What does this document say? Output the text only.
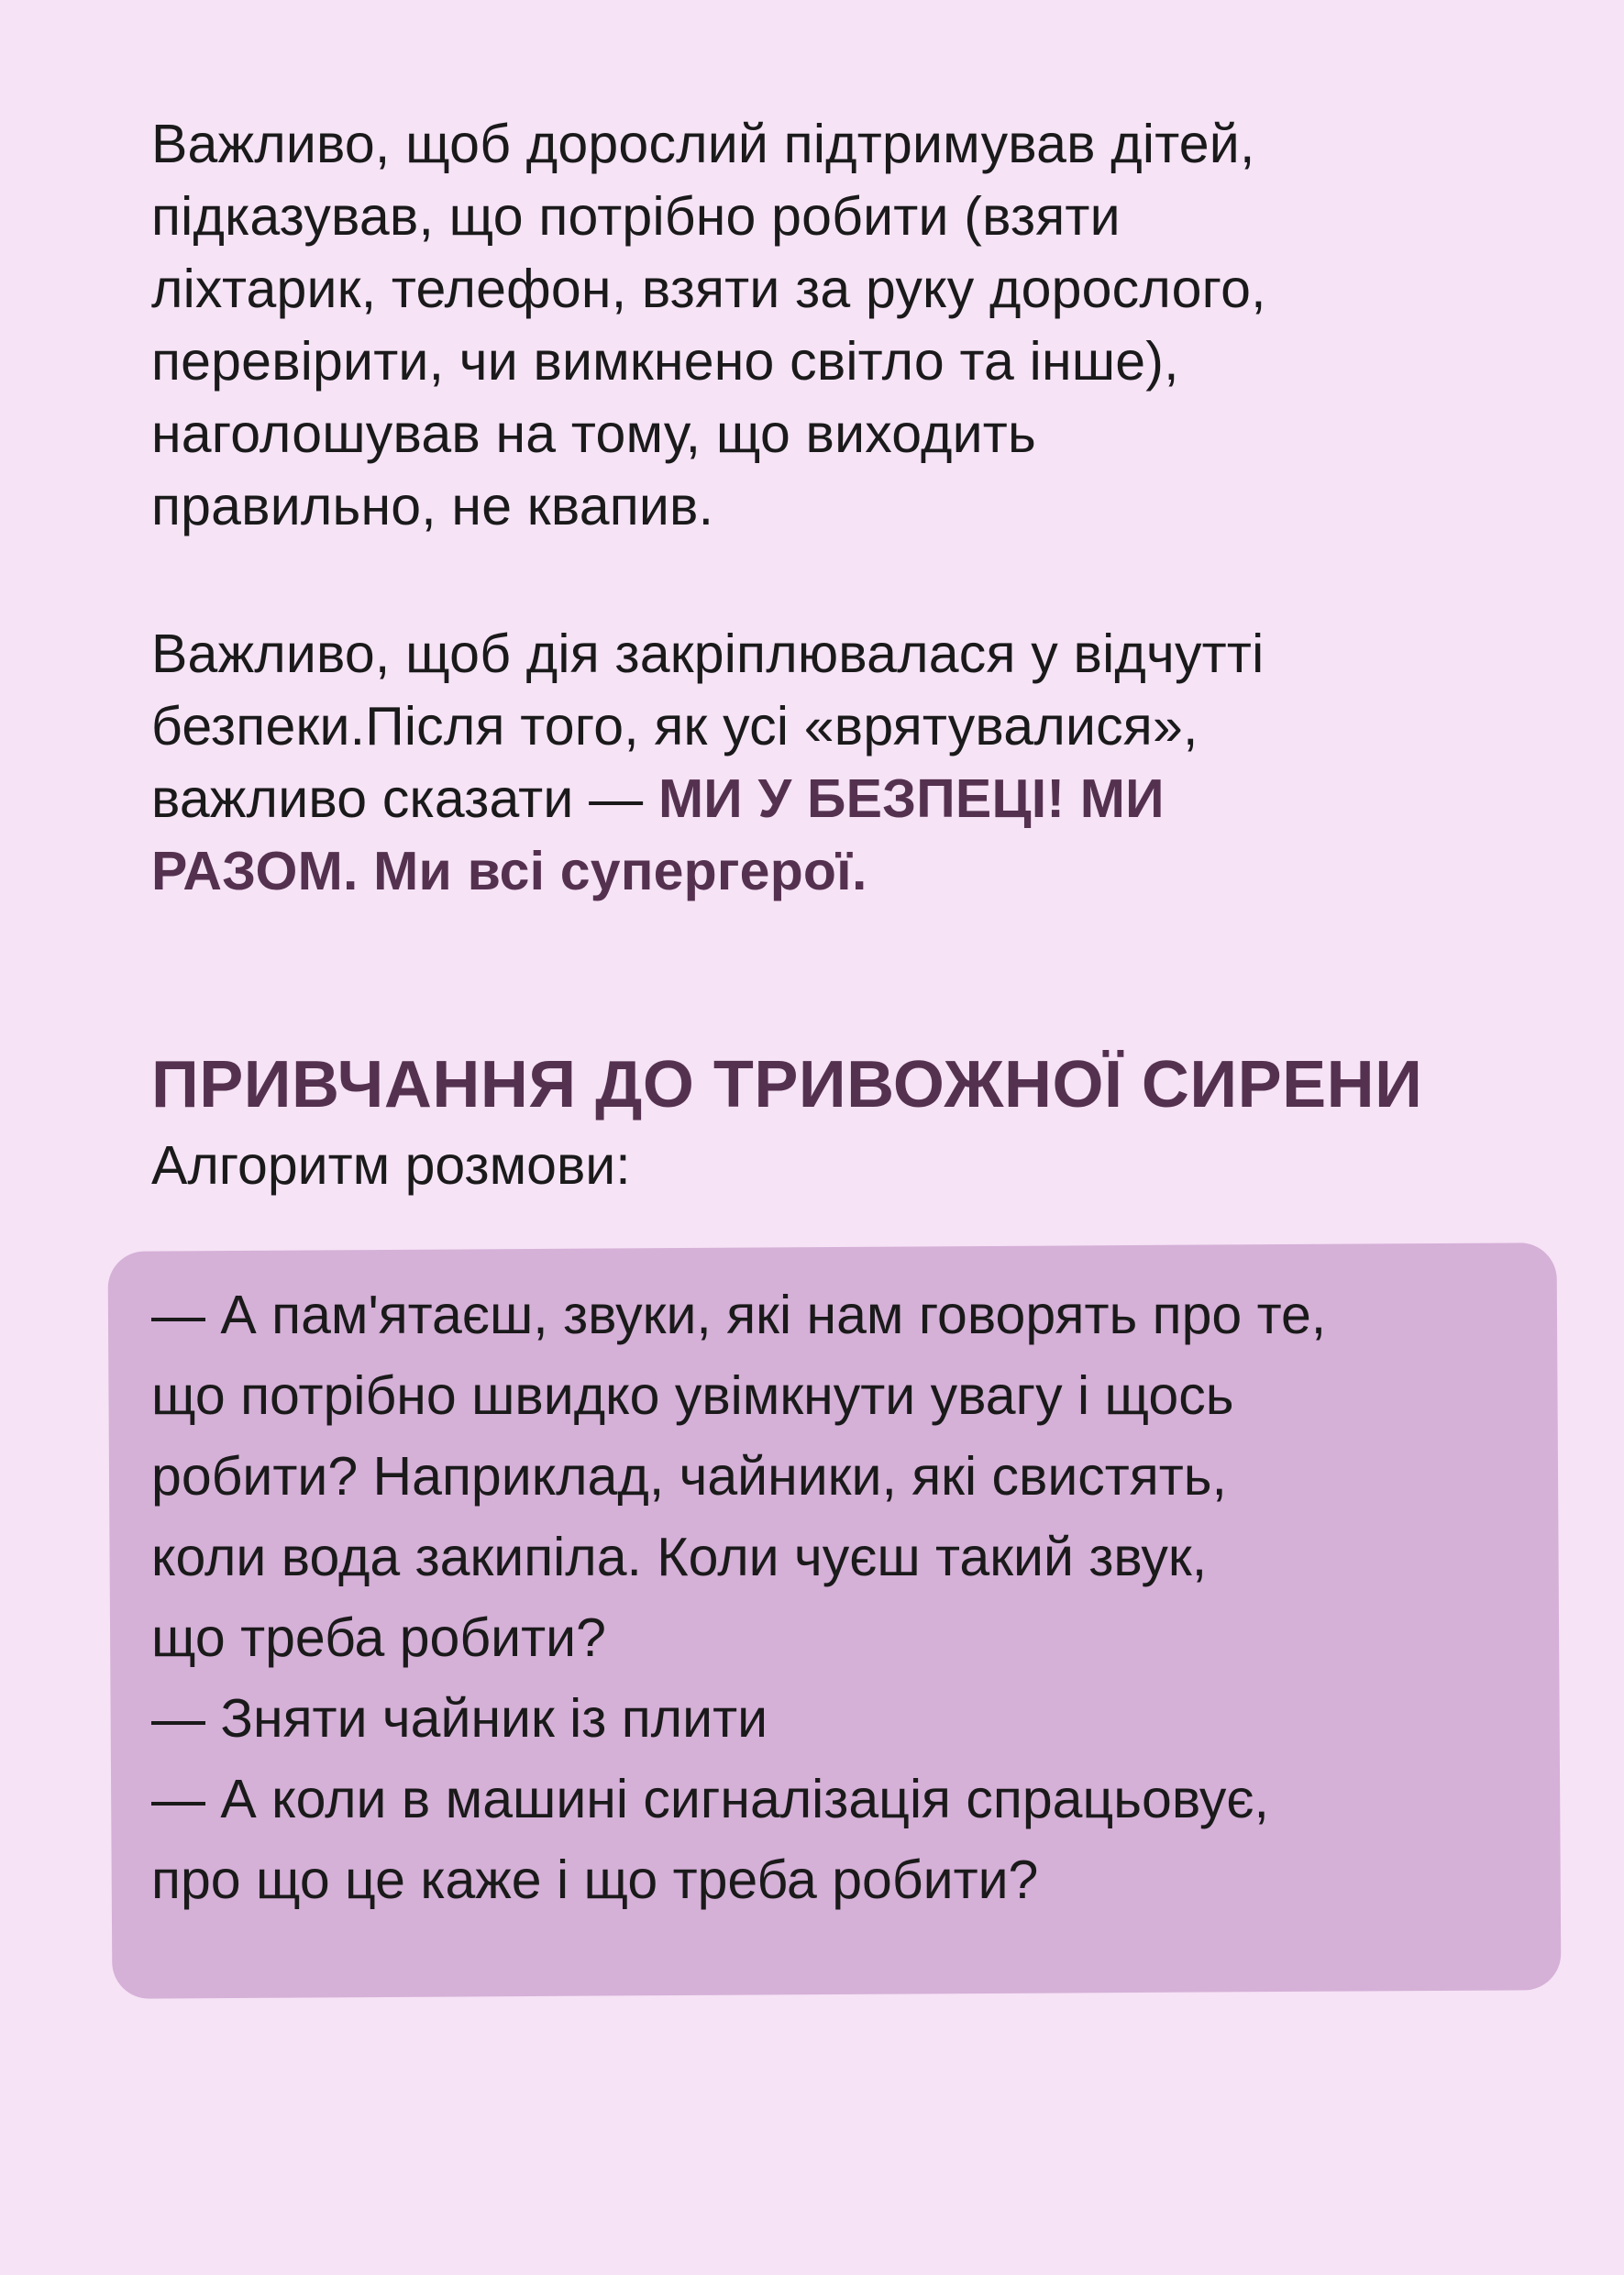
Важливо, щоб дорослий підтримував дітей,
підказував, що потрібно робити (взяти
ліхтарик, телефон, взяти за руку дорослого,
перевірити, чи вимкнено світло та інше),
наголошував на тому, що виходить
правильно, не квапив.

Важливо, щоб дія закріплювалася у відчутті
безпеки.Після того, як усі «врятувалися»,
важливо сказати — МИ У БЕЗПЕЦІ! МИ
РАЗОМ. Ми всі супергерої.

ПРИВЧАННЯ ДО ТРИВОЖНОЇ СИРЕНИ

Алгоритм розмови:

— А пам'ятаєш, звуки, які нам говорять про те,
що потрібно швидко увімкнути увагу і щось
робити? Наприклад, чайники, які свистять,
коли вода закипіла. Коли чуєш такий звук,
що треба робити?
— Зняти чайник із плити
— А коли в машині сигналізація спрацьовує,
про що це каже і що треба робити?
